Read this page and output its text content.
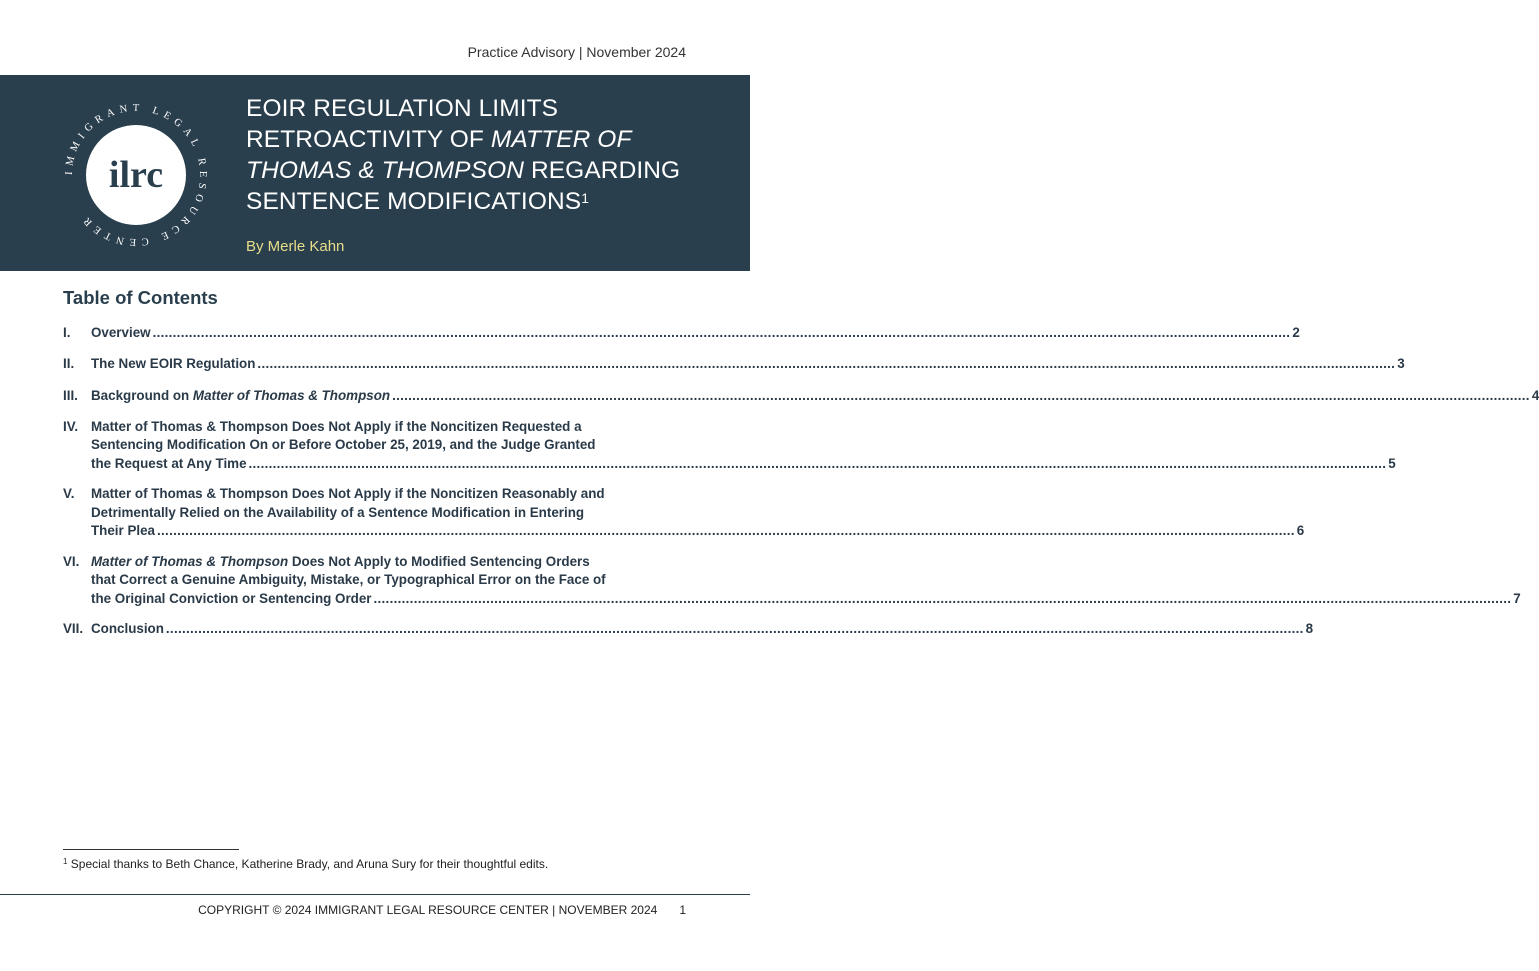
Practice Advisory | November 2024
IMMIGRANT LEGAL RESOURCE CENTER
ilrc
EOIR REGULATION LIMITS
RETROACTIVITY OF MATTER OF
THOMAS & THOMPSON REGARDING
SENTENCE MODIFICATIONS$^1$
By Merle Kahn
Table of Contents
I.	Overview .....	2
II.	The New EOIR Regulation .....	3
III. Background on Matter of Thomas & Thompson .....	4
IV. Matter of Thomas & Thompson Does Not Apply if the Noncitizen Requested a
Sentencing Modification On or Before October 25, 2019, and the Judge Granted
the Request at Any Time .....	5
V.	Matter of Thomas & Thompson Does Not Apply if the Noncitizen Reasonably and
Detrimentally Relied on the Availability of a Sentence Modification in Entering
Their Plea .....	6
VI. Matter of Thomas & Thompson Does Not Apply to Modified Sentencing Orders
that Correct a Genuine Ambiguity, Mistake, or Typographical Error on the Face of
the Original Conviction or Sentencing Order .....	7
VII. Conclusion .....	8
$^1$ Special thanks to Beth Chance, Katherine Brady, and Aruna Sury for their thoughtful edits.
COPYRIGHT © 2024 IMMIGRANT LEGAL RESOURCE CENTER | NOVEMBER 2024 1
